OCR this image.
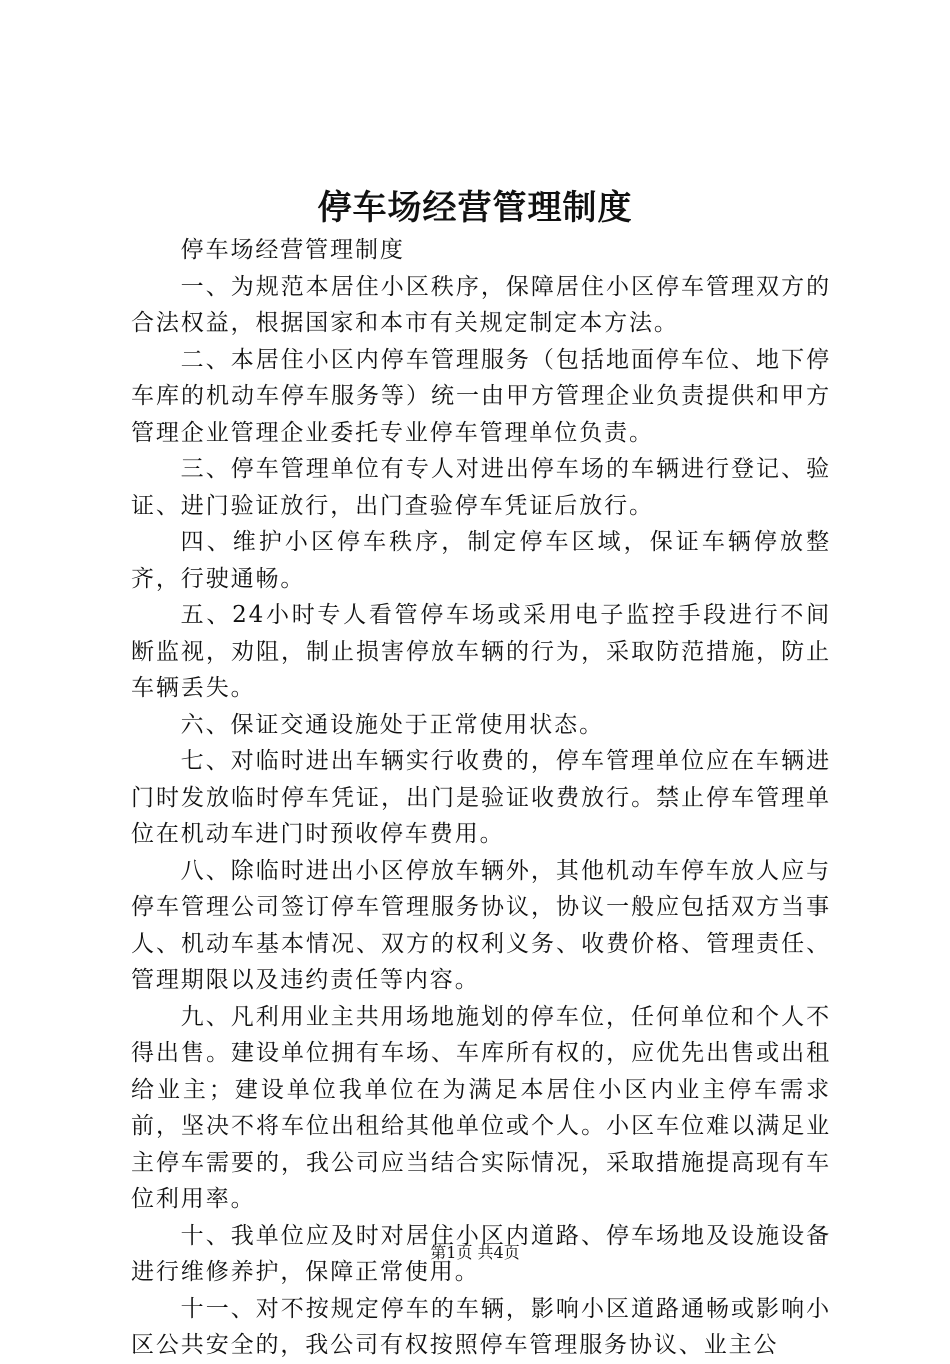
停车场经营管理制度

停车场经营管理制度

一、为规范本居住小区秩序，保障居住小区停车管理双方的合法权益，根据国家和本市有关规定制定本方法。

二、本居住小区内停车管理服务（包括地面停车位、地下停车库的机动车停车服务等）统一由甲方管理企业负责提供和甲方管理企业管理企业委托专业停车管理单位负责。

三、停车管理单位有专人对进出停车场的车辆进行登记、验证、进门验证放行，出门查验停车凭证后放行。

四、维护小区停车秩序，制定停车区域，保证车辆停放整齐，行驶通畅。

五、24小时专人看管停车场或采用电子监控手段进行不间断监视，劝阻，制止损害停放车辆的行为，采取防范措施，防止车辆丢失。

六、保证交通设施处于正常使用状态。

七、对临时进出车辆实行收费的，停车管理单位应在车辆进门时发放临时停车凭证，出门是验证收费放行。禁止停车管理单位在机动车进门时预收停车费用。

八、除临时进出小区停放车辆外，其他机动车停车放人应与停车管理公司签订停车管理服务协议，协议一般应包括双方当事人、机动车基本情况、双方的权利义务、收费价格、管理责任、管理期限以及违约责任等内容。

九、凡利用业主共用场地施划的停车位，任何单位和个人不得出售。建设单位拥有车场、车库所有权的，应优先出售或出租给业主；建设单位我单位在为满足本居住小区内业主停车需求前，坚决不将车位出租给其他单位或个人。小区车位难以满足业主停车需要的，我公司应当结合实际情况，采取措施提高现有车位利用率。

十、我单位应及时对居住小区内道路、停车场地及设施设备进行维修养护，保障正常使用。

十一、对不按规定停车的车辆，影响小区道路通畅或影响小区公共安全的，我公司有权按照停车管理服务协议、业主公

第1页 共4页
